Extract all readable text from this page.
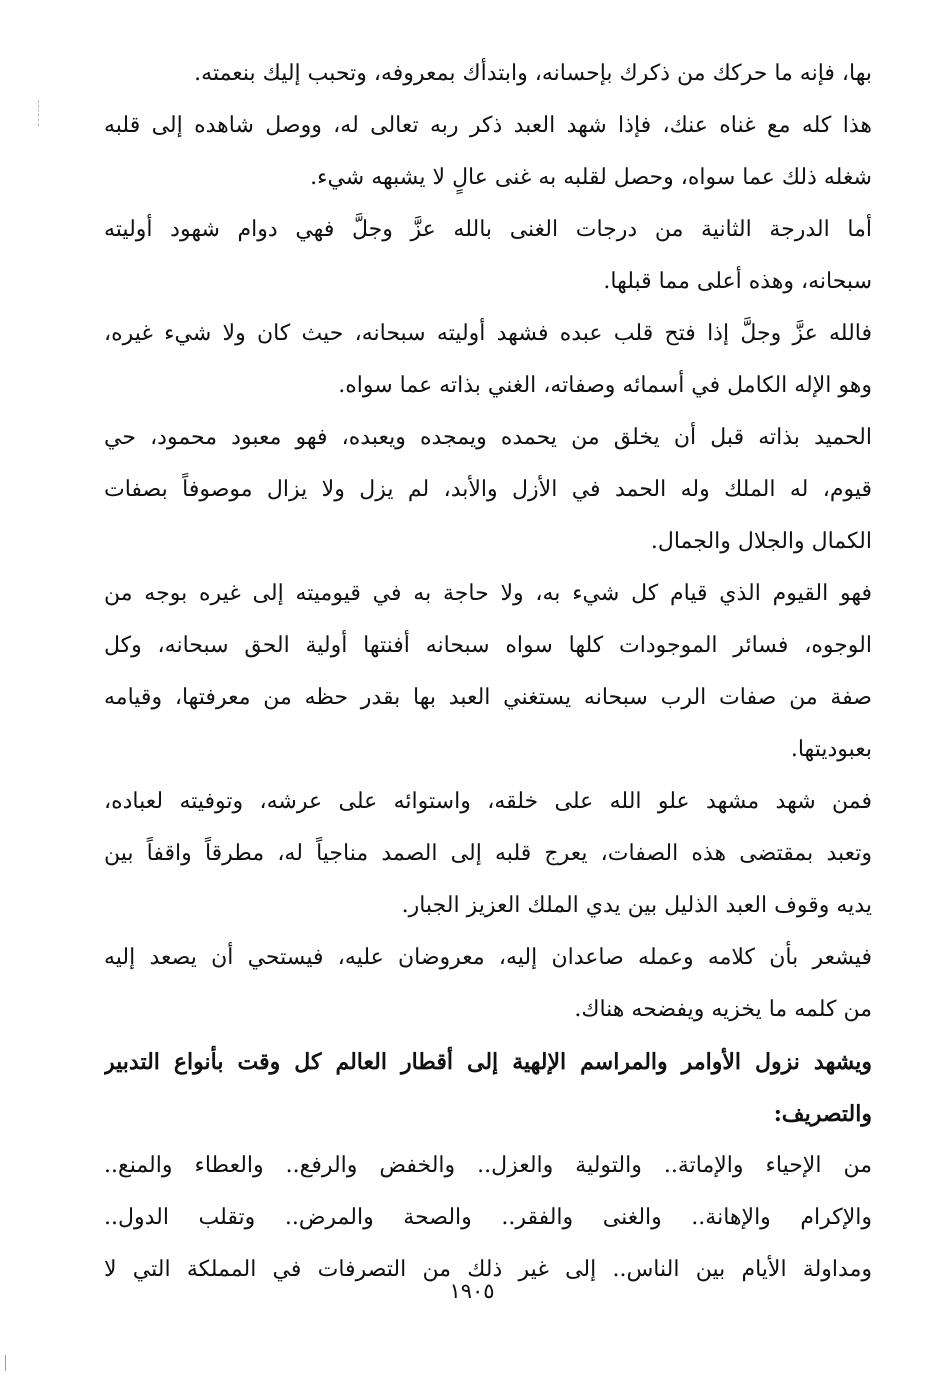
بها، فإنه ما حركك من ذكرك بإحسانه، وابتدأك بمعروفه، وتحبب إليك بنعمته.
هذا كله مع غناه عنك، فإذا شهد العبد ذكر ربه تعالى له، ووصل شاهده إلى قلبه
شغله ذلك عما سواه، وحصل لقلبه به غنى عالٍ لا يشبهه شيء.
أما الدرجة الثانية من درجات الغنى بالله عزَّ وجلَّ فهي دوام شهود أوليته
سبحانه، وهذه أعلى مما قبلها.
فالله عزَّ وجلَّ إذا فتح قلب عبده فشهد أوليته سبحانه، حيث كان ولا شيء غيره،
وهو الإله الكامل في أسمائه وصفاته، الغني بذاته عما سواه.
الحميد بذاته قبل أن يخلق من يحمده ويمجده ويعبده، فهو معبود محمود، حي
قيوم، له الملك وله الحمد في الأزل والأبد، لم يزل ولا يزال موصوفاً بصفات
الكمال والجلال والجمال.
فهو القيوم الذي قيام كل شيء به، ولا حاجة به في قيوميته إلى غيره بوجه من
الوجوه، فسائر الموجودات كلها سواه سبحانه أفنتها أولية الحق سبحانه، وكل
صفة من صفات الرب سبحانه يستغني العبد بها بقدر حظه من معرفتها، وقيامه
بعبوديتها.
فمن شهد مشهد علو الله على خلقه، واستوائه على عرشه، وتوفيته لعباده،
وتعبد بمقتضى هذه الصفات، يعرج قلبه إلى الصمد مناجياً له، مطرقاً واقفاً بين
يديه وقوف العبد الذليل بين يدي الملك العزيز الجبار.
فيشعر بأن كلامه وعمله صاعدان إليه، معروضان عليه، فيستحي أن يصعد إليه
من كلمه ما يخزيه ويفضحه هناك.
ويشهد نزول الأوامر والمراسم الإلهية إلى أقطار العالم كل وقت بأنواع التدبير
والتصريف:
من الإحياء والإماتة.. والتولية والعزل.. والخفض والرفع.. والعطاء والمنع..
والإكرام والإهانة.. والغنى والفقر.. والصحة والمرض.. وتقلب الدول..
ومداولة الأيام بين الناس.. إلى غير ذلك من التصرفات في المملكة التي لا
١٩٠٥
